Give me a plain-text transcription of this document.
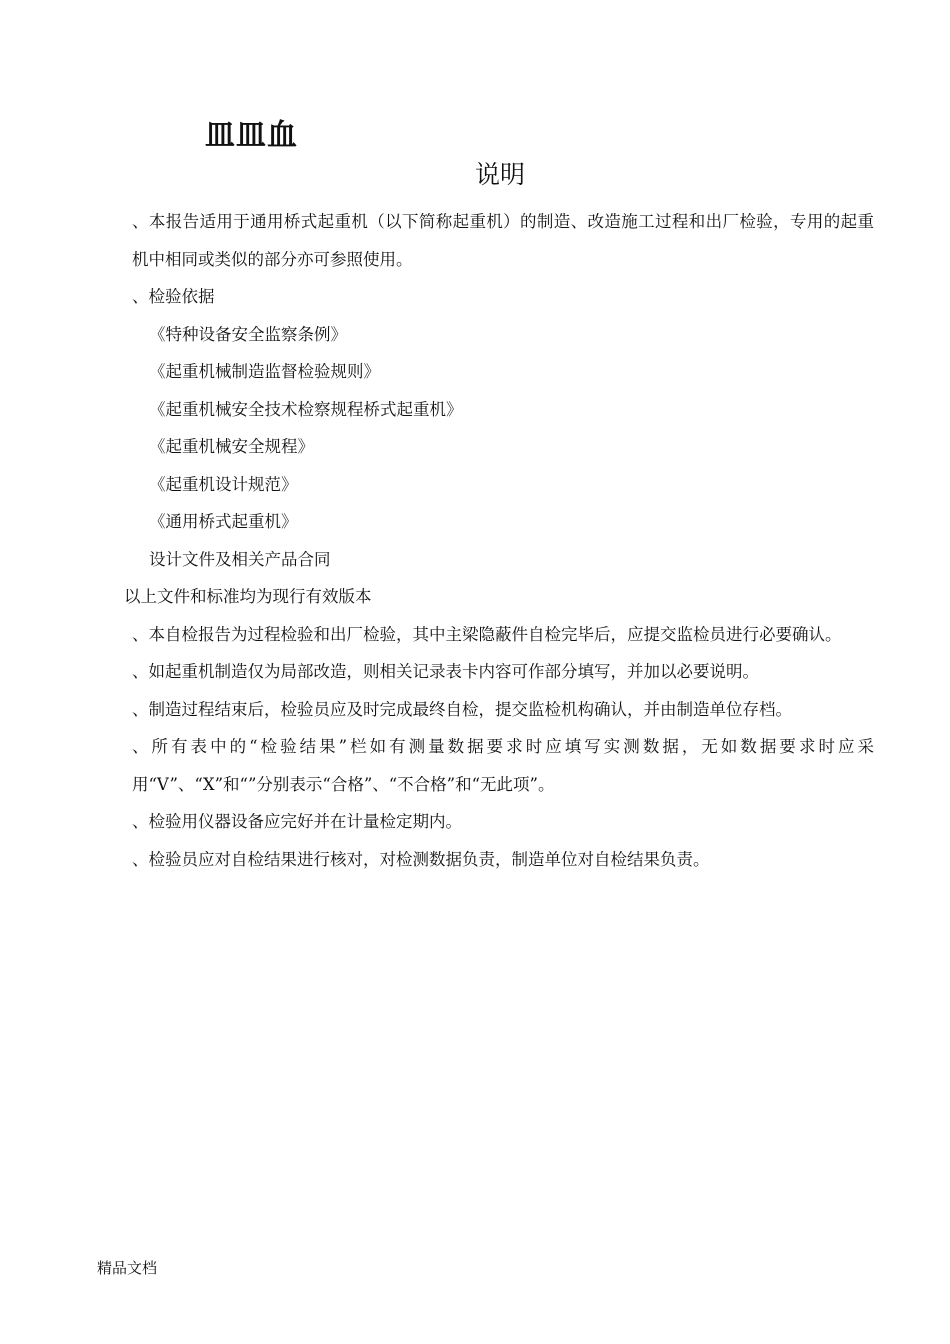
皿皿血
说明

、本报告适用于通用桥式起重机（以下简称起重机）的制造、改造施工过程和出厂检验，专用的起重机中相同或类似的部分亦可参照使用。

、检验依据

《特种设备安全监察条例》

《起重机械制造监督检验规则》

《起重机械安全技术检察规程桥式起重机》

《起重机械安全规程》

《起重机设计规范》

《通用桥式起重机》

设计文件及相关产品合同

以上文件和标准均为现行有效版本

、本自检报告为过程检验和出厂检验，其中主梁隐蔽件自检完毕后，应提交监检员进行必要确认。

、如起重机制造仅为局部改造，则相关记录表卡内容可作部分填写，并加以必要说明。

、制造过程结束后，检验员应及时完成最终自检，提交监检机构确认，并由制造单位存档。

、所有表中的“检验结果”栏如有测量数据要求时应填写实测数据，无如数据要求时应采用“V”、“X”和“”分别表示“合格”、“不合格”和“无此项”。

、检验用仪器设备应完好并在计量检定期内。

、检验员应对自检结果进行核对，对检测数据负责，制造单位对自检结果负责。

精品文档
